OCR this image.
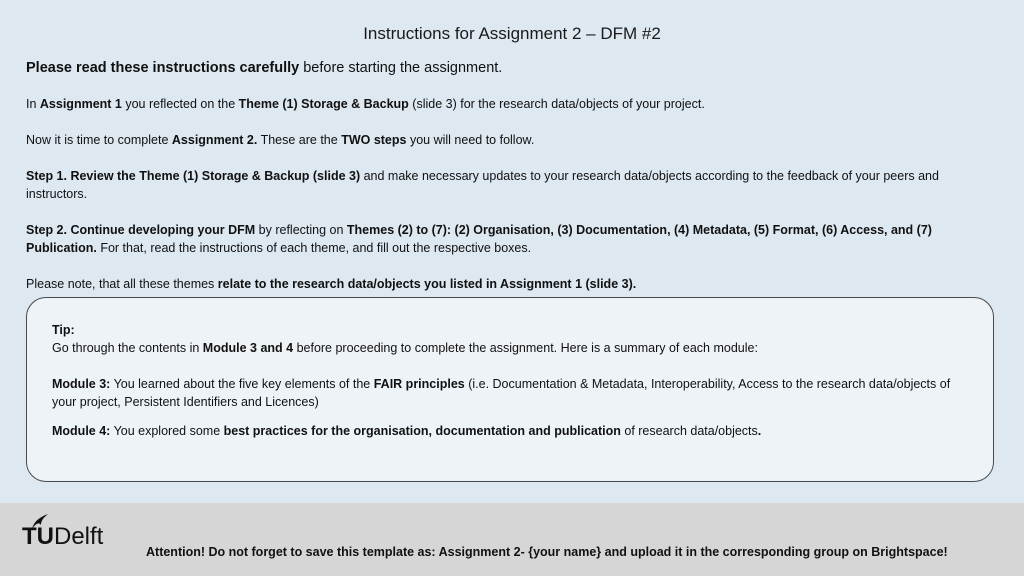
Instructions for Assignment 2 – DFM #2
Please read these instructions carefully before starting the assignment.
In Assignment 1 you reflected on the Theme (1) Storage & Backup (slide 3) for the research data/objects of your project.
Now it is time to complete Assignment 2. These are the TWO steps you will need to follow.
Step 1. Review the Theme (1) Storage & Backup (slide 3) and make necessary updates to your research data/objects according to the feedback of your peers and instructors.
Step 2. Continue developing your DFM by reflecting on Themes (2) to (7): (2) Organisation, (3) Documentation, (4) Metadata, (5) Format, (6) Access, and (7) Publication. For that, read the instructions of each theme, and fill out the respective boxes.
Please note, that all these themes relate to the research data/objects you listed in Assignment 1 (slide 3).
Tip:
Go through the contents in Module 3 and 4 before proceeding to complete the assignment. Here is a summary of each module:
Module 3: You learned about the five key elements of the FAIR principles (i.e. Documentation & Metadata, Interoperability, Access to the research data/objects of your project, Persistent Identifiers and Licences)
Module 4: You explored some best practices for the organisation, documentation and publication of research data/objects.
TUDelft
Attention! Do not forget to save this template as: Assignment 2- {your name} and upload it in the corresponding group on Brightspace!
